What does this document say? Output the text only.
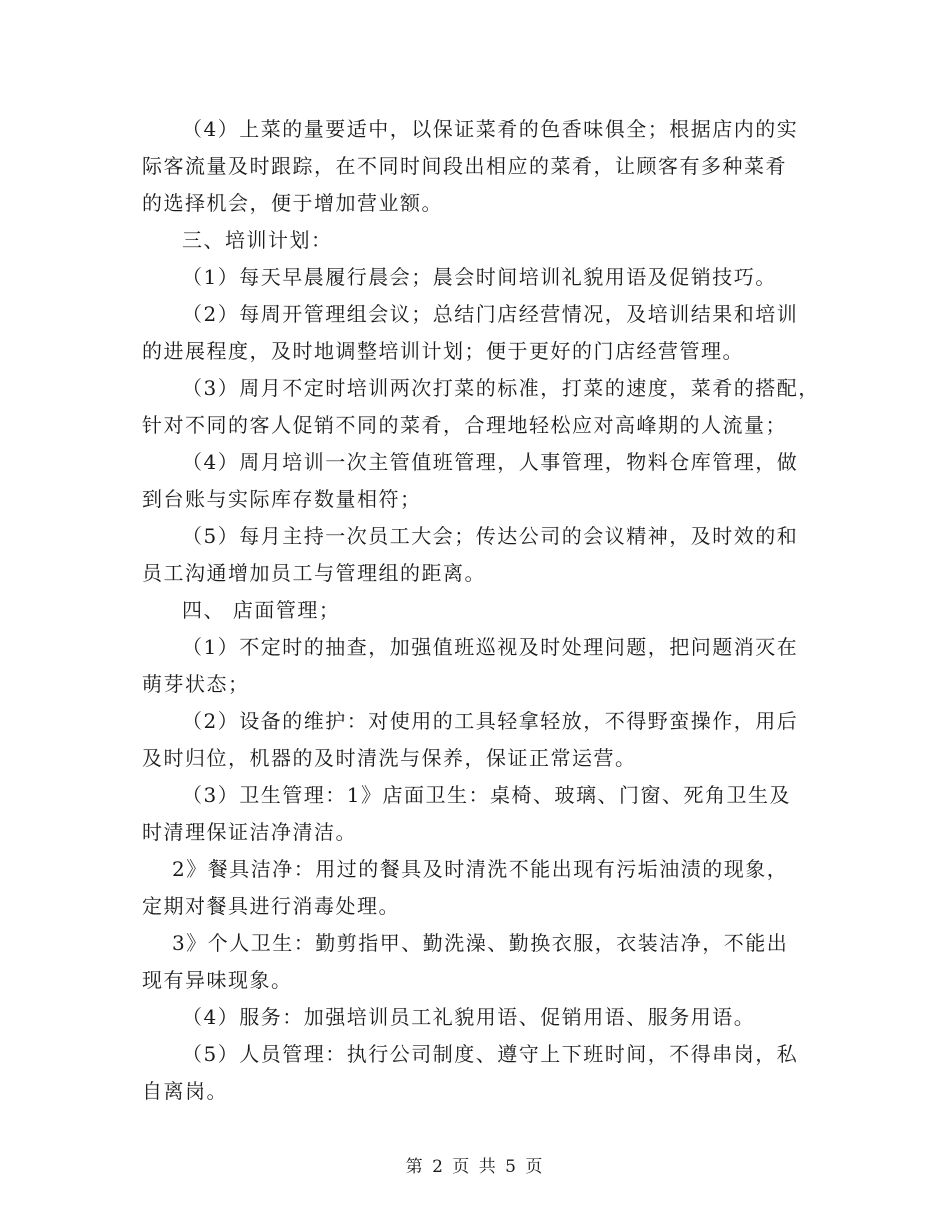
（4）上菜的量要适中，以保证菜肴的色香味俱全；根据店内的实
际客流量及时跟踪，在不同时间段出相应的菜肴，让顾客有多种菜肴
的选择机会，便于增加营业额。
三、培训计划：
（1）每天早晨履行晨会；晨会时间培训礼貌用语及促销技巧。
（2）每周开管理组会议；总结门店经营情况，及培训结果和培训
的进展程度，及时地调整培训计划；便于更好的门店经营管理。
（3）周月不定时培训两次打菜的标准，打菜的速度，菜肴的搭配，
针对不同的客人促销不同的菜肴，合理地轻松应对高峰期的人流量；
（4）周月培训一次主管值班管理，人事管理，物料仓库管理，做
到台账与实际库存数量相符；
（5）每月主持一次员工大会；传达公司的会议精神，及时效的和
员工沟通增加员工与管理组的距离。
四、 店面管理；
（1）不定时的抽查，加强值班巡视及时处理问题，把问题消灭在
萌芽状态；
（2）设备的维护：对使用的工具轻拿轻放，不得野蛮操作，用后
及时归位，机器的及时清洗与保养，保证正常运营。
（3）卫生管理：1》店面卫生：桌椅、玻璃、门窗、死角卫生及
时清理保证洁净清洁。
2》餐具洁净：用过的餐具及时清洗不能出现有污垢油渍的现象，
定期对餐具进行消毒处理。
3》个人卫生：勤剪指甲、勤洗澡、勤换衣服，衣装洁净，不能出
现有异味现象。
（4）服务：加强培训员工礼貌用语、促销用语、服务用语。
（5）人员管理：执行公司制度、遵守上下班时间，不得串岗，私
自离岗。
第 2 页 共 5 页
